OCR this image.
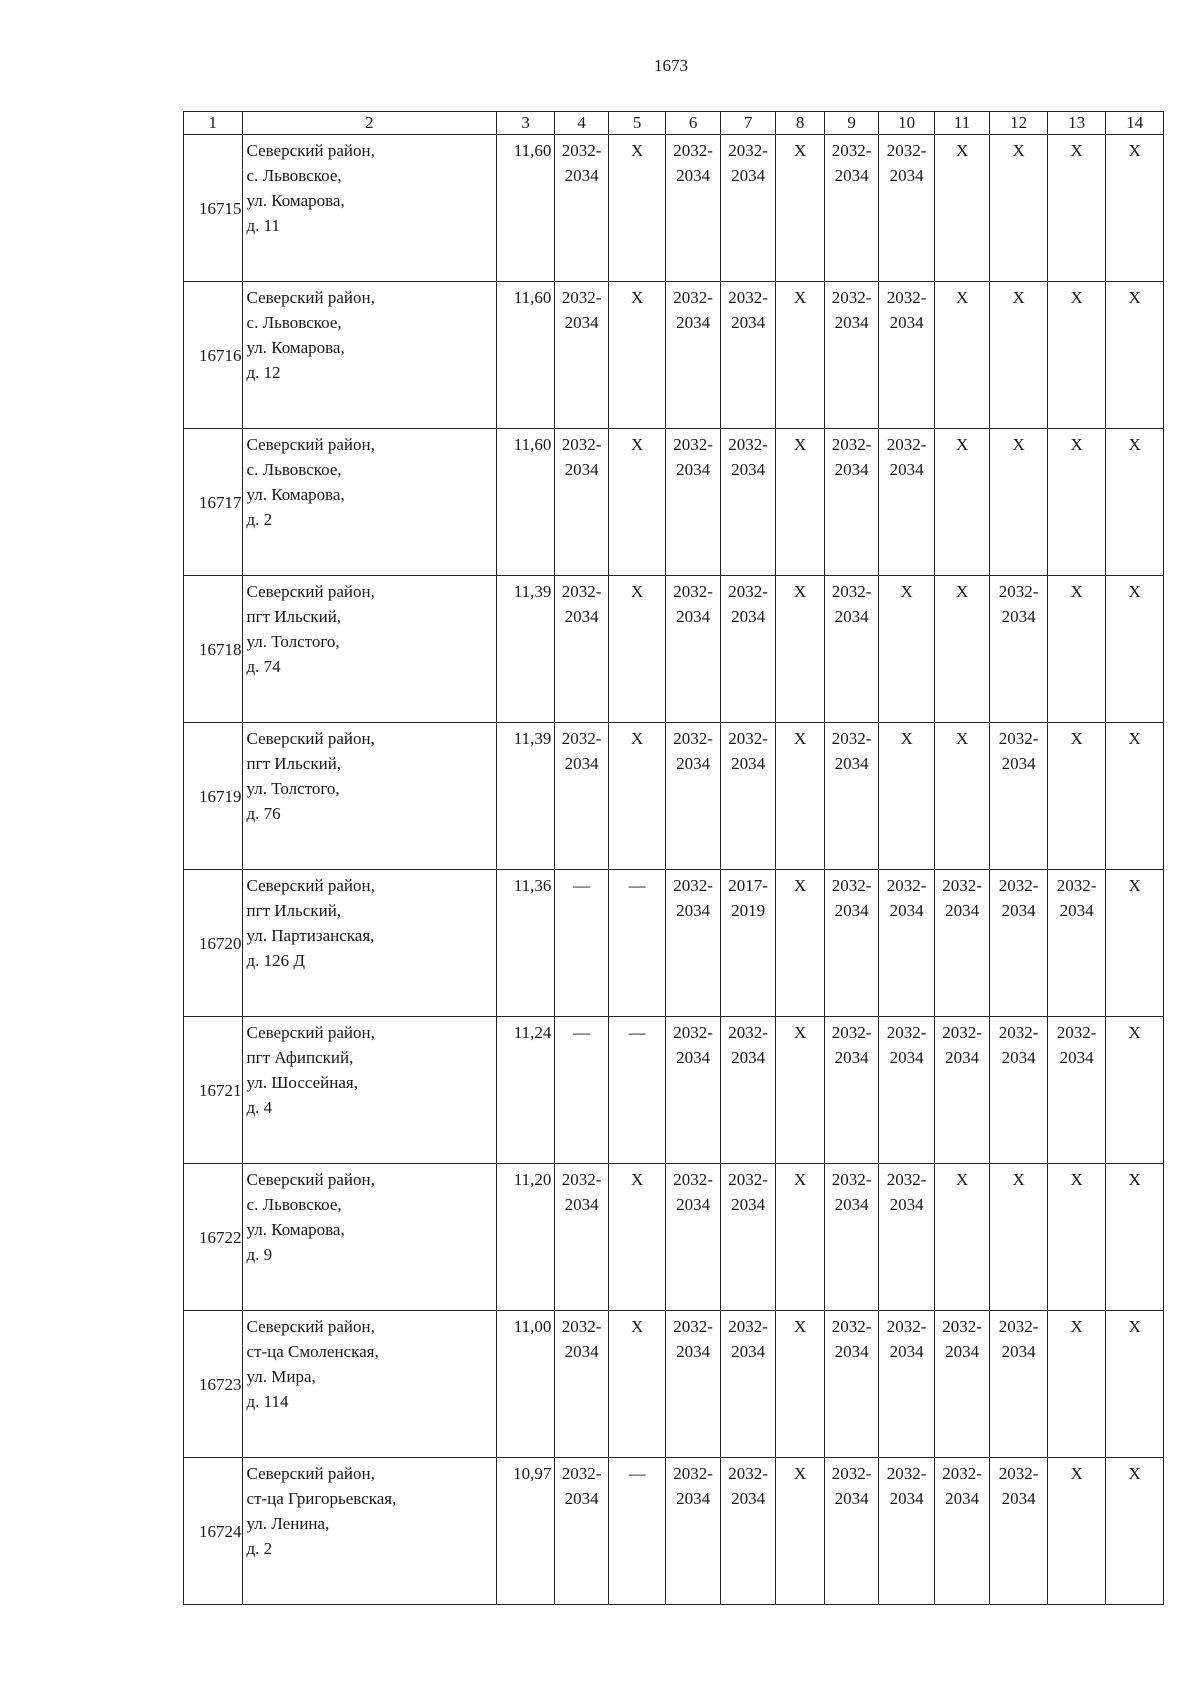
1673
1	2	3	4	5	6	7	8	9	10	11	12	13	14
16715	Северский район,
с. Львовское,
ул. Комарова,
д. 11	11,60	2032-
2034	X	2032-
2034	2032-
2034	X	2032-
2034	2032-
2034	X	X	X	X

16716	Северский район,
с. Львовское,
ул. Комарова,
д. 12	11,60	2032-
2034	X	2032-
2034	2032-
2034	X	2032-
2034	2032-
2034	X	X	X	X

16717	Северский район,
с. Львовское,
ул. Комарова,
д. 2	11,60	2032-
2034	X	2032-
2034	2032-
2034	X	2032-
2034	2032-
2034	X	X	X	X

16718	Северский район,
пгт Ильский,
ул. Толстого,
д. 74	11,39	2032-
2034	X	2032-
2034	2032-
2034	X	2032-
2034	X	X	2032-
2034	X	X

16719	Северский район,
пгт Ильский,
ул. Толстого,
д. 76	11,39	2032-
2034	X	2032-
2034	2032-
2034	X	2032-
2034	X	X	2032-
2034	X	X

16720	Северский район,
пгт Ильский,
ул. Партизанская,
д. 126 Д	11,36	—	—	2032-
2034	2017-
2019	X	2032-
2034	2032-
2034	2032-
2034	2032-
2034	2032-
2034	X

16721	Северский район,
пгт Афипский,
ул. Шоссейная,
д. 4	11,24	—	—	2032-
2034	2032-
2034	X	2032-
2034	2032-
2034	2032-
2034	2032-
2034	2032-
2034	X

16722	Северский район,
с. Львовское,
ул. Комарова,
д. 9	11,20	2032-
2034	X	2032-
2034	2032-
2034	X	2032-
2034	2032-
2034	X	X	X	X

16723	Северский район,
ст-ца Смоленская,
ул. Мира,
д. 114	11,00	2032-
2034	X	2032-
2034	2032-
2034	X	2032-
2034	2032-
2034	2032-
2034	2032-
2034	X	X

16724	Северский район,
ст-ца Григорьевская,
ул. Ленина,
д. 2	10,97	2032-
2034	—	2032-
2034	2032-
2034	X	2032-
2034	2032-
2034	2032-
2034	2032-
2034	X	X
